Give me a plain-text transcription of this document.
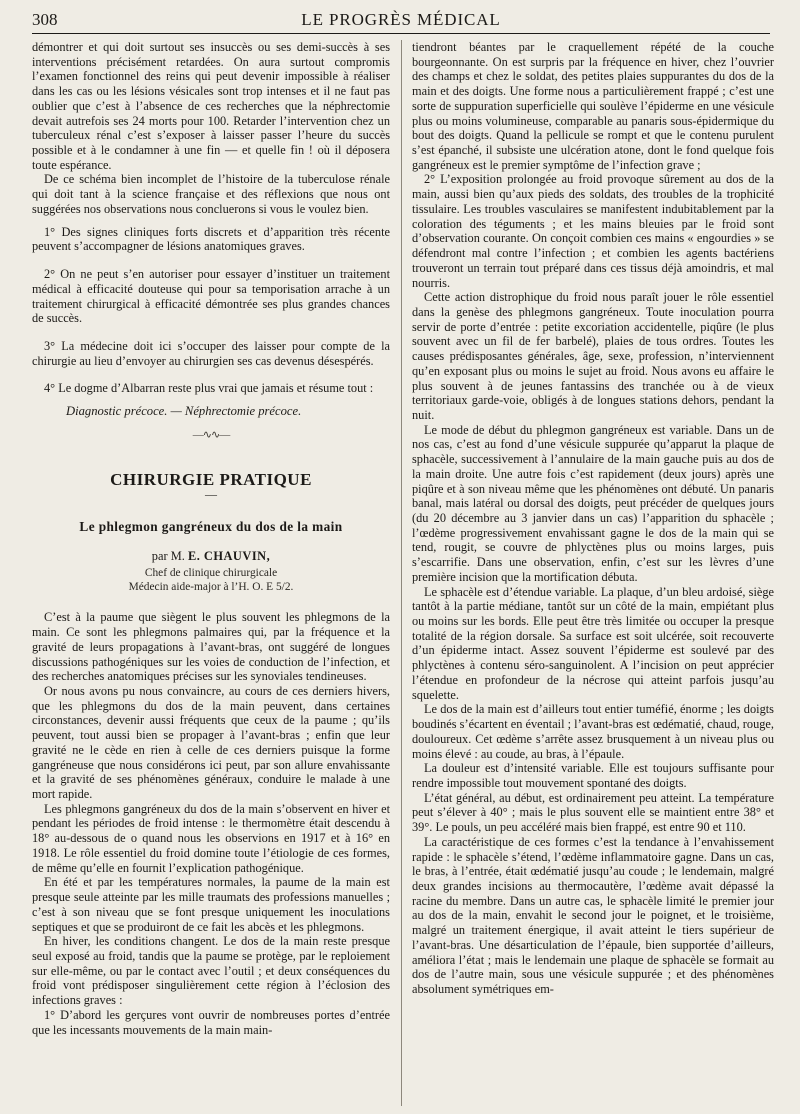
308	LE PROGRÈS MÉDICAL

démontrer et qui doit surtout ses insuccès ou ses demi-succès à ses interventions précisément retardées. On aura surtout compromis l’examen fonctionnel des reins qui peut devenir impossible à réaliser dans les cas ou les lésions vésicales sont trop intenses et il ne faut pas oublier que c’est à l’absence de ces recherches que la néphrectomie devait autrefois ses 24 morts pour 100. Retarder l’intervention chez un tuberculeux rénal c’est s’exposer à laisser passer l’heure du succès possible et à le condamner à une fin — et quelle fin ! où il déposera toute espérance.

De ce schéma bien incomplet de l’histoire de la tuberculose rénale qui doit tant à la science française et des réflexions que nous ont suggérées nos observations nous concluerons si vous le voulez bien.

1° Des signes cliniques forts discrets et d’apparition très récente peuvent s’accompagner de lésions anatomiques graves.

2° On ne peut s’en autoriser pour essayer d’instituer un traitement médical à efficacité douteuse qui pour sa temporisation arrache à un traitement chirurgical à efficacité démontrée ses plus grandes chances de succès.

3° La médecine doit ici s’occuper des laisser pour compte de la chirurgie au lieu d’envoyer au chirurgien ses cas devenus désespérés.

4° Le dogme d’Albarran reste plus vrai que jamais et résume tout :

Diagnostic précoce. — Néphrectomie précoce.
—∿∿—
CHIRURGIE PRATIQUE
—
Le phlegmon gangréneux du dos de la main
par M. E. CHAUVIN,
Chef de clinique chirurgicale
Médecin aide-major à l’H. O. E 5/2.

C’est à la paume que siègent le plus souvent les phlegmons de la main. Ce sont les phlegmons palmaires qui, par la fréquence et la gravité de leurs propagations à l’avant-bras, ont suggéré de longues discussions pathogéniques sur les voies de conduction de l’infection, et des recherches anatomiques précises sur les synoviales tendineuses.

Or nous avons pu nous convaincre, au cours de ces derniers hivers, que les phlegmons du dos de la main peuvent, dans certaines circonstances, devenir aussi fréquents que ceux de la paume ; qu’ils peuvent, tout aussi bien se propager à l’avant-bras ; enfin que leur gravité ne le cède en rien à celle de ces derniers puisque la forme gangréneuse que nous considérons ici peut, par son allure envahissante et la gravité de ses phénomènes généraux, conduire le malade à une mort rapide.

Les phlegmons gangréneux du dos de la main s’observent en hiver et pendant les périodes de froid intense : le thermomètre était descendu à 18° au-dessous de o quand nous les observions en 1917 et à 16° en 1918. Le rôle essentiel du froid domine toute l’étiologie de ces formes, de même qu’elle en fournit l’explication pathogénique.

En été et par les températures normales, la paume de la main est presque seule atteinte par les mille traumats des professions manuelles ; c’est à son niveau que se font presque uniquement les inoculations septiques et que se produiront de ce fait les abcès et les phlegmons.

En hiver, les conditions changent. Le dos de la main reste presque seul exposé au froid, tandis que la paume se protège, par le reploiement sur elle-même, ou par le contact avec l’outil ; et deux conséquences du froid vont prédisposer singulièrement cette région à l’éclosion des infections graves :

1° D’abord les gerçures vont ouvrir de nombreuses portes d’entrée que les incessants mouvements de la main main-

tiendront béantes par le craquellement répété de la couche bourgeonnante. On est surpris par la fréquence en hiver, chez l’ouvrier des champs et chez le soldat, des petites plaies suppurantes du dos de la main et des doigts. Une forme nous a particulièrement frappé ; c’est une sorte de suppuration superficielle qui soulève l’épiderme en une vésicule plus ou moins volumineuse, comparable au panaris sous-épidermique du bout des doigts. Quand la pellicule se rompt et que le contenu purulent s’est épanché, il subsiste une ulcération atone, dont le fond quelque fois gangréneux est le premier symptôme de l’infection grave ;

2° L’exposition prolongée au froid provoque sûrement au dos de la main, aussi bien qu’aux pieds des soldats, des troubles de la trophicité tissulaire. Les troubles vasculaires se manifestent indubitablement par la coloration des téguments ; et les mains bleuies par le froid sont d’observation courante. On conçoit combien ces mains « engourdies » se défendront mal contre l’infection ; et combien les agents bactériens trouveront un terrain tout préparé dans ces tissus déjà amoindris, et mal nourris.

Cette action distrophique du froid nous paraît jouer le rôle essentiel dans la genèse des phlegmons gangréneux. Toute inoculation pourra servir de porte d’entrée : petite excoriation accidentelle, piqûre (le plus souvent avec un fil de fer barbelé), plaies de tous ordres. Toutes les causes prédisposantes générales, âge, sexe, profession, n’interviennent qu’en exposant plus ou moins le sujet au froid. Nous avons eu affaire le plus souvent à de jeunes fantassins des tranchée ou à de vieux territoriaux garde-voie, obligés à de longues stations dehors, pendant la nuit.

Le mode de début du phlegmon gangréneux est variable. Dans un de nos cas, c’est au fond d’une vésicule suppurée qu’apparut la plaque de sphacèle, successivement à l’annulaire de la main gauche puis au dos de la main droite. Une autre fois c’est rapidement (deux jours) après une piqûre et à son niveau même que les phénomènes ont débuté. Un panaris banal, mais latéral ou dorsal des doigts, peut précéder de quelques jours (du 20 décembre au 3 janvier dans un cas) l’apparition du sphacèle ; l’œdème progressivement envahissant gagne le dos de la main qui se tend, rougit, se couvre de phlyctènes plus ou moins larges, puis s’escarrifie. Dans une observation, enfin, c’est sur les lèvres d’une première incision que la mortification débuta.

Le sphacèle est d’étendue variable. La plaque, d’un bleu ardoisé, siège tantôt à la partie médiane, tantôt sur un côté de la main, empiétant plus ou moins sur les bords. Elle peut être très limitée ou occuper la presque totalité de la région dorsale. Sa surface est soit ulcérée, soit recouverte d’un épiderme intact. Assez souvent l’épiderme est soulevé par des phlyctènes à contenu séro-sanguinolent. A l’incision on peut apprécier l’étendue en profondeur de la nécrose qui atteint parfois jusqu’au squelette.

Le dos de la main est d’ailleurs tout entier tuméfié, énorme ; les doigts boudinés s’écartent en éventail ; l’avant-bras est œdématié, chaud, rouge, douloureux. Cet œdème s’arrête assez brusquement à un niveau plus ou moins élevé : au coude, au bras, à l’épaule.

La douleur est d’intensité variable. Elle est toujours suffisante pour rendre impossible tout mouvement spontané des doigts.

L’état général, au début, est ordinairement peu atteint. La température peut s’élever à 40° ; mais le plus souvent elle se maintient entre 38° et 39°. Le pouls, un peu accéléré mais bien frappé, est entre 90 et 110.

La caractéristique de ces formes c’est la tendance à l’envahissement rapide : le sphacèle s’étend, l’œdème inflammatoire gagne. Dans un cas, le bras, à l’entrée, était œdématié jusqu’au coude ; le lendemain, malgré deux grandes incisions au thermocautère, l’œdème avait dépassé la racine du membre. Dans un autre cas, le sphacèle limité le premier jour au dos de la main, envahit le second jour le poignet, et le troisième, malgré un traitement énergique, il avait atteint le tiers supérieur de l’avant-bras. Une désarticulation de l’épaule, bien supportée d’ailleurs, améliora l’état ; mais le lendemain une plaque de sphacèle se formait au dos de l’autre main, sous une vésicule suppurée ; et des phénomènes absolument symétriques em-
